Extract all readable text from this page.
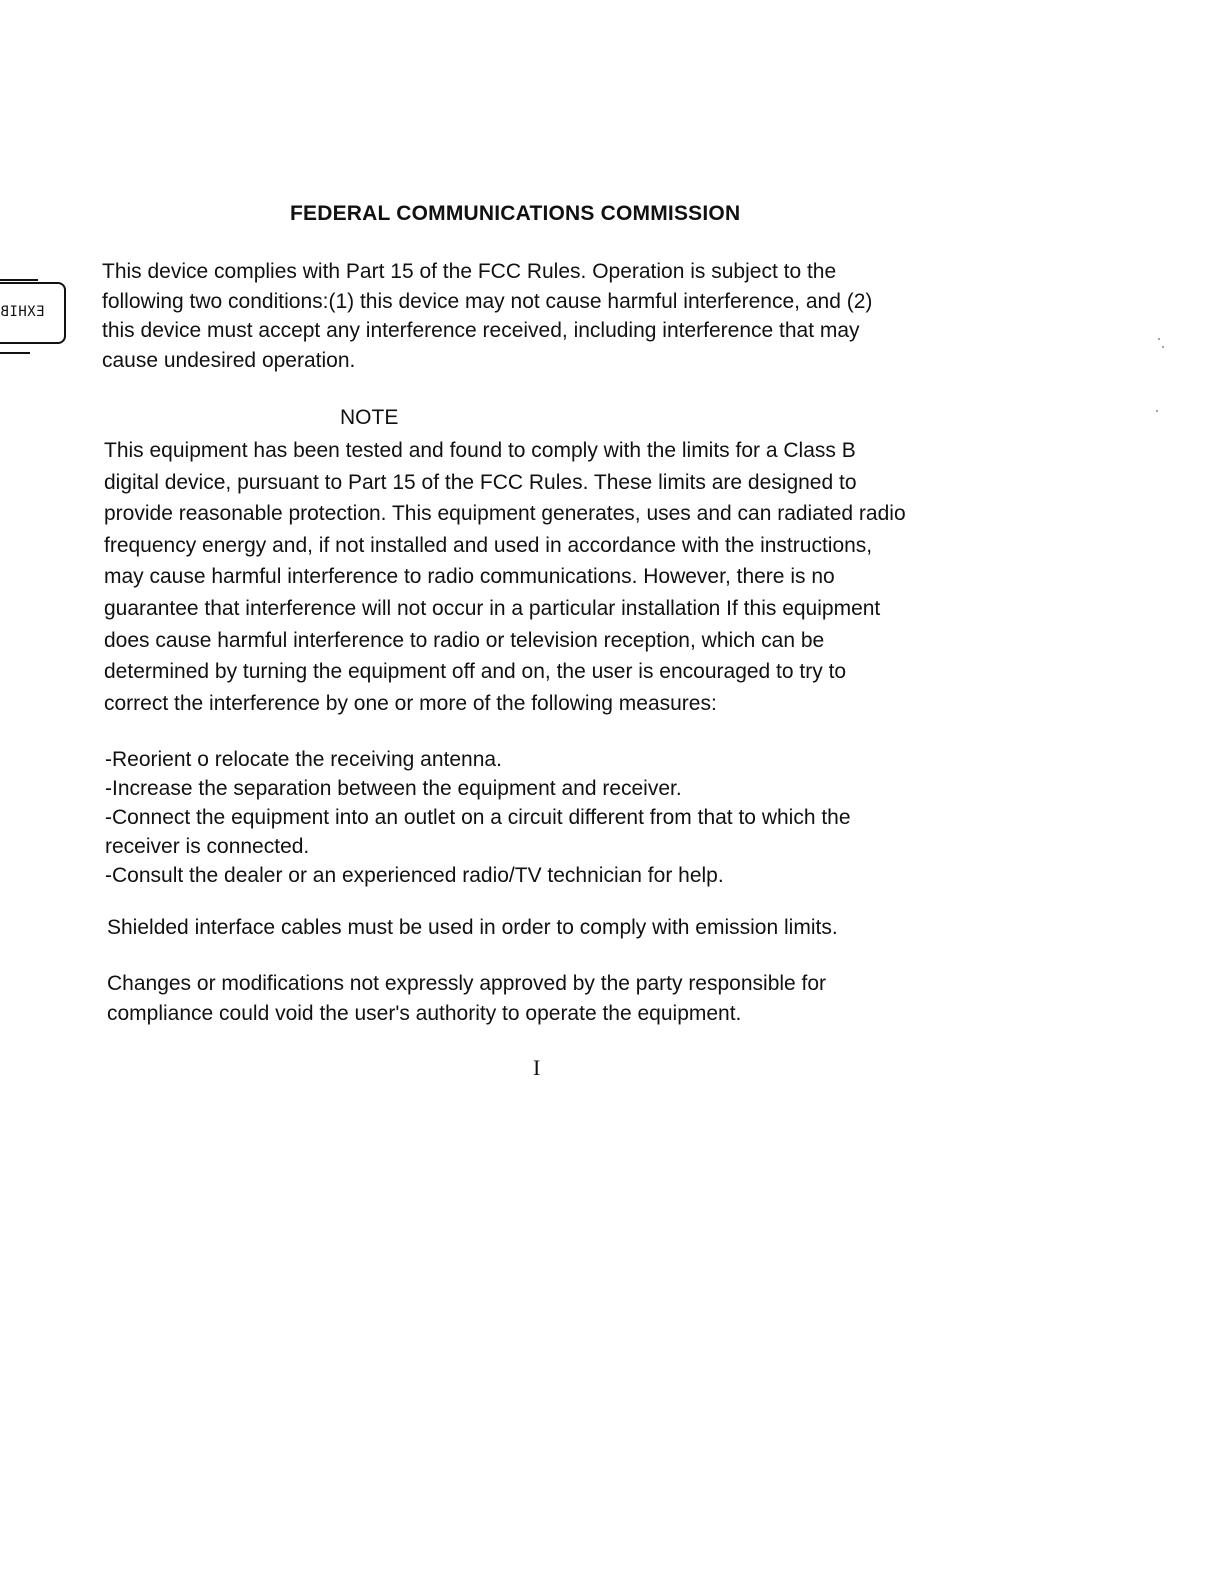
EXHIB
FEDERAL COMMUNICATIONS COMMISSION
This device complies with Part 15 of the FCC Rules. Operation is subject to the
following two conditions:(1) this device may not cause harmful interference, and (2)
this device must accept any interference received, including interference that may
cause undesired operation.
NOTE
This equipment has been tested and found to comply with the limits for a Class B
digital device, pursuant to Part 15 of the FCC Rules. These limits are designed to
provide reasonable protection. This equipment generates, uses and can radiated radio
frequency energy and, if not installed and used in accordance with the instructions,
may cause harmful interference to radio communications. However, there is no
guarantee that interference will not occur in a particular installation If this equipment
does cause harmful interference to radio or television reception, which can be
determined by turning the equipment off and on, the user is encouraged to try to
correct the interference by one or more of the following measures:
-Reorient o relocate the receiving antenna.
-Increase the separation between the equipment and receiver.
-Connect the equipment into an outlet on a circuit different from that to which the
receiver is connected.
-Consult the dealer or an experienced radio/TV technician for help.
Shielded interface cables must be used in order to comply with emission limits.
Changes or modifications not expressly approved by the party responsible for
compliance could void the user's authority to operate the equipment.
I
